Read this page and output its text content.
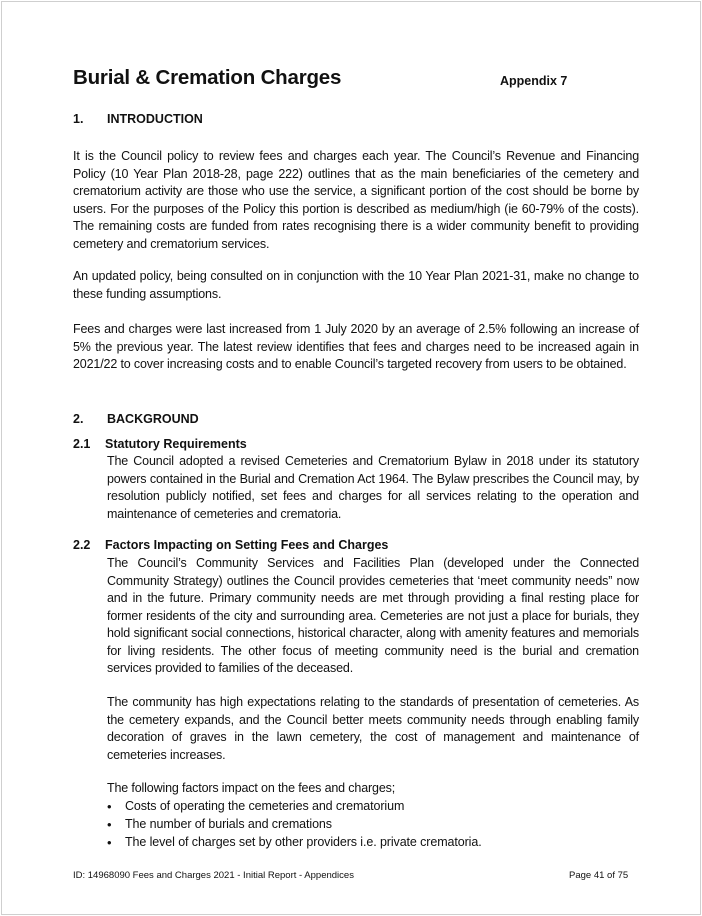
Burial & Cremation Charges	Appendix 7
1. INTRODUCTION

It is the Council policy to review fees and charges each year. The Council’s Revenue and Financing Policy (10 Year Plan 2018-28, page 222) outlines that as the main beneficiaries of the cemetery and crematorium activity are those who use the service, a significant portion of the cost should be borne by users. For the purposes of the Policy this portion is described as medium/high (ie 60-79% of the costs). The remaining costs are funded from rates recognising there is a wider community benefit to providing cemetery and crematorium services.

An updated policy, being consulted on in conjunction with the 10 Year Plan 2021-31, make no change to these funding assumptions.

Fees and charges were last increased from 1 July 2020 by an average of 2.5% following an increase of 5% the previous year. The latest review identifies that fees and charges need to be increased again in 2021/22 to cover increasing costs and to enable Council’s targeted recovery from users to be obtained.

2. BACKGROUND
2.1 Statutory Requirements

The Council adopted a revised Cemeteries and Crematorium Bylaw in 2018 under its statutory powers contained in the Burial and Cremation Act 1964. The Bylaw prescribes the Council may, by resolution publicly notified, set fees and charges for all services relating to the operation and maintenance of cemeteries and crematoria.

2.2 Factors Impacting on Setting Fees and Charges

The Council’s Community Services and Facilities Plan (developed under the Connected Community Strategy) outlines the Council provides cemeteries that ‘meet community needs” now and in the future. Primary community needs are met through providing a final resting place for former residents of the city and surrounding area. Cemeteries are not just a place for burials, they hold significant social connections, historical character, along with amenity features and memorials for living residents. The other focus of meeting community need is the burial and cremation services provided to families of the deceased.

The community has high expectations relating to the standards of presentation of cemeteries. As the cemetery expands, and the Council better meets community needs through enabling family decoration of graves in the lawn cemetery, the cost of management and maintenance of cemeteries increases.

The following factors impact on the fees and charges;

• Costs of operating the cemeteries and crematorium
• The number of burials and cremations
• The level of charges set by other providers i.e. private crematoria.
ID: 14968090 Fees and Charges 2021 - Initial Report - Appendices	Page 41 of 75
